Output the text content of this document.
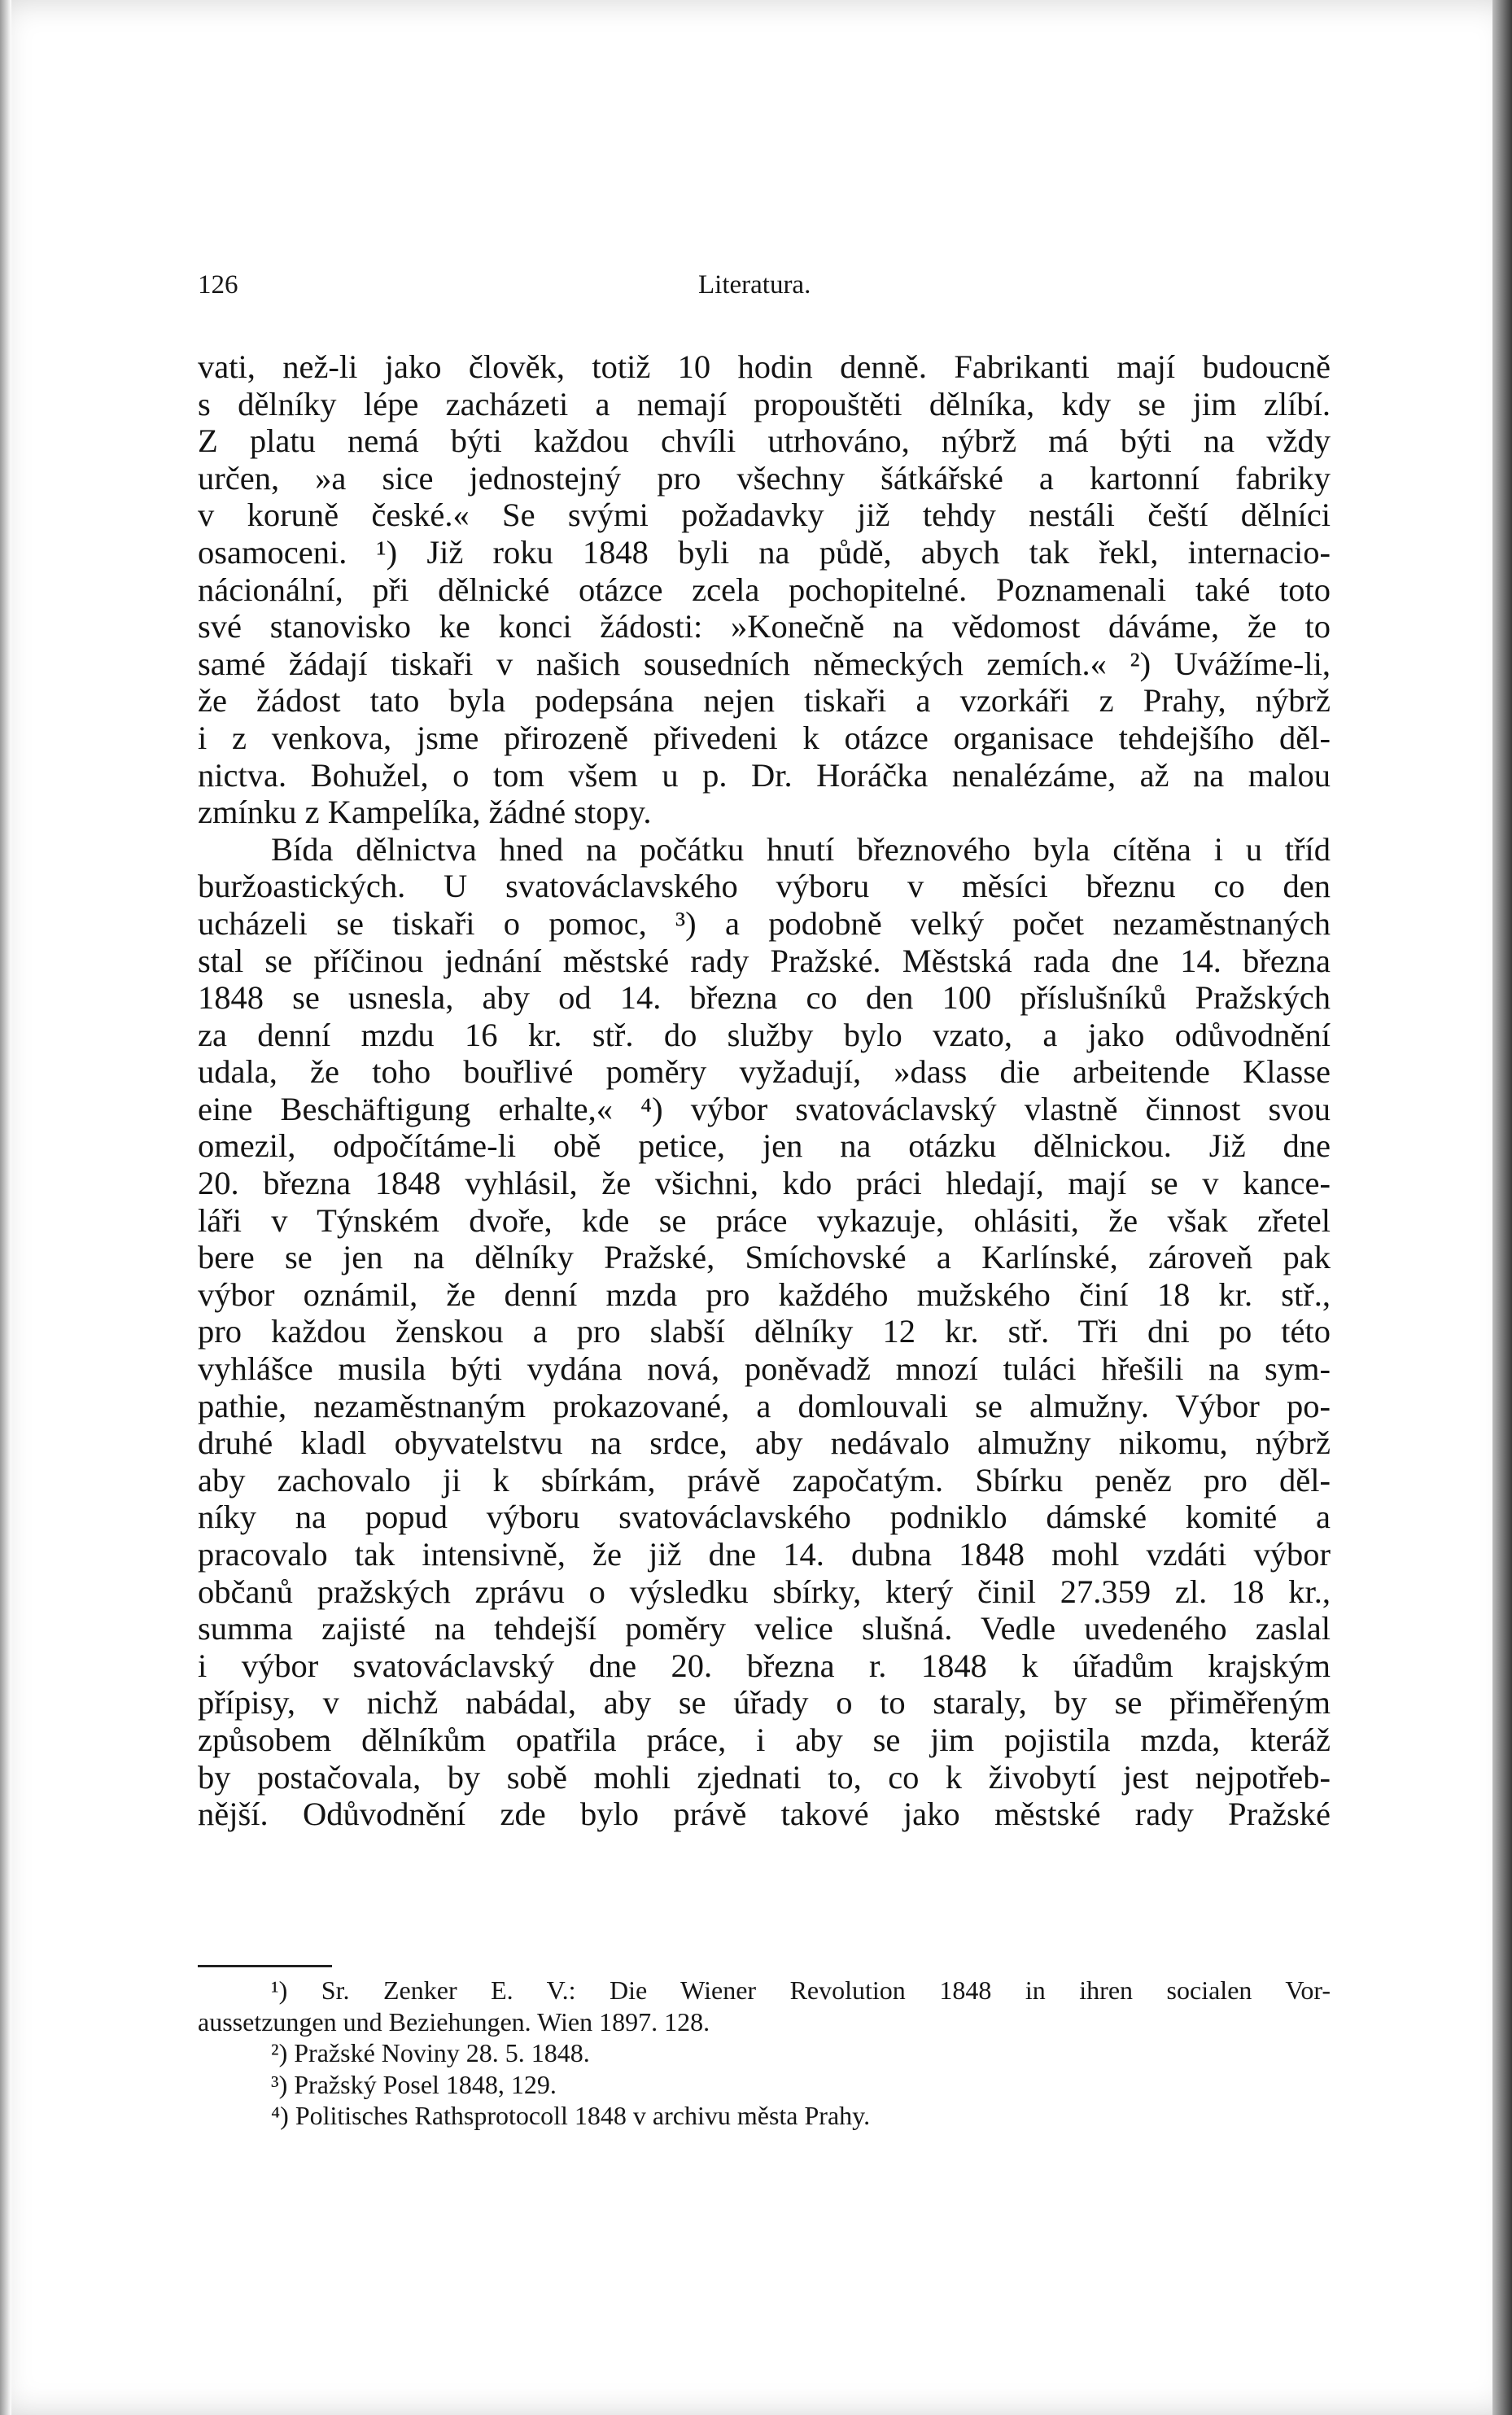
126	Literatura.
vati, než-li jako člověk, totiž 10 hodin denně. Fabrikanti mají budoucně
s dělníky lépe zacházeti a nemají propouštěti dělníka, kdy se jim zlíbí.
Z platu nemá býti každou chvíli utrhováno, nýbrž má býti na vždy
určen, »a sice jednostejný pro všechny šátkářské a kartonní fabriky
v koruně české.« Se svými požadavky již tehdy nestáli čeští dělníci
osamoceni. ¹) Již roku 1848 byli na půdě, abych tak řekl, internacio-
nácionální, při dělnické otázce zcela pochopitelné. Poznamenali také toto
své stanovisko ke konci žádosti: »Konečně na vědomost dáváme, že to
samé žádají tiskaři v našich sousedních německých zemích.« ²) Uvážíme-li,
že žádost tato byla podepsána nejen tiskaři a vzorkáři z Prahy, nýbrž
i z venkova, jsme přirozeně přivedeni k otázce organisace tehdejšího děl-
nictva. Bohužel, o tom všem u p. Dr. Horáčka nenalézáme, až na malou
zmínku z Kampelíka, žádné stopy.
Bída dělnictva hned na počátku hnutí březnového byla cítěna i u tříd
buržoastických. U svatováclavského výboru v měsíci březnu co den
ucházeli se tiskaři o pomoc, ³) a podobně velký počet nezaměstnaných
stal se příčinou jednání městské rady Pražské. Městská rada dne 14. března
1848 se usnesla, aby od 14. března co den 100 příslušníků Pražských
za denní mzdu 16 kr. stř. do služby bylo vzato, a jako odůvodnění
udala, že toho bouřlivé poměry vyžadují, »dass die arbeitende Klasse
eine Beschäftigung erhalte,« ⁴) výbor svatováclavský vlastně činnost svou
omezil, odpočítáme-li obě petice, jen na otázku dělnickou. Již dne
20. března 1848 vyhlásil, že všichni, kdo práci hledají, mají se v kance-
láři v Týnském dvoře, kde se práce vykazuje, ohlásiti, že však zřetel
bere se jen na dělníky Pražské, Smíchovské a Karlínské, zároveň pak
výbor oznámil, že denní mzda pro každého mužského činí 18 kr. stř.,
pro každou ženskou a pro slabší dělníky 12 kr. stř. Tři dni po této
vyhlášce musila býti vydána nová, poněvadž mnozí tuláci hřešili na sym-
pathie, nezaměstnaným prokazované, a domlouvali se almužny. Výbor po-
druhé kladl obyvatelstvu na srdce, aby nedávalo almužny nikomu, nýbrž
aby zachovalo ji k sbírkám, právě započatým. Sbírku peněz pro děl-
níky na popud výboru svatováclavského podniklo dámské komité a
pracovalo tak intensivně, že již dne 14. dubna 1848 mohl vzdáti výbor
občanů pražských zprávu o výsledku sbírky, který činil 27.359 zl. 18 kr.,
summa zajisté na tehdejší poměry velice slušná. Vedle uvedeného zaslal
i výbor svatováclavský dne 20. března r. 1848 k úřadům krajským
přípisy, v nichž nabádal, aby se úřady o to staraly, by se přiměřeným
způsobem dělníkům opatřila práce, i aby se jim pojistila mzda, kteráž
by postačovala, by sobě mohli zjednati to, co k živobytí jest nejpotřeb-
nější. Odůvodnění zde bylo právě takové jako městské rady Pražské
¹) Sr. Zenker E. V.: Die Wiener Revolution 1848 in ihren socialen Vor-
aussetzungen und Beziehungen. Wien 1897. 128.
²) Pražské Noviny 28. 5. 1848.
³) Pražský Posel 1848, 129.
⁴) Politisches Rathsprotocoll 1848 v archivu města Prahy.
